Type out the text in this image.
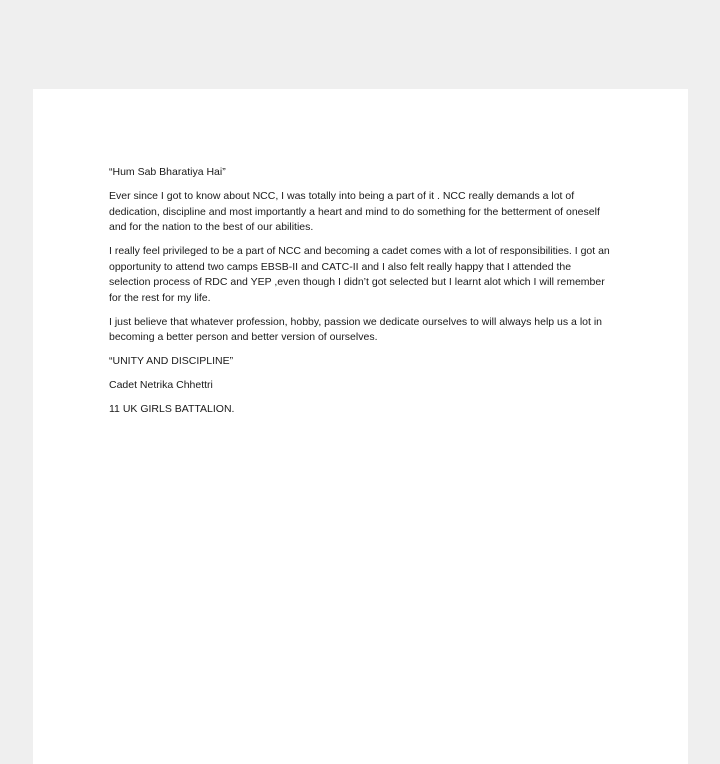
“Hum Sab Bharatiya Hai”

Ever since I got to know about NCC, I was totally into being a part of it . NCC really demands a lot of dedication, discipline and most importantly a heart and mind to do something for the betterment of oneself and for the nation to the best of our abilities.

I really feel privileged to be a part of NCC and becoming a cadet comes with a lot of responsibilities. I got an opportunity to attend two camps EBSB-II and CATC-II and I also felt really happy that I attended the selection process of RDC and YEP ,even though I didn’t got selected but I learnt alot which I will remember for the rest for my life.

I just believe that whatever profession, hobby, passion we dedicate ourselves to will always help us a lot in becoming a better person and better version of ourselves.

“UNITY AND DISCIPLINE”

Cadet Netrika Chhettri

11 UK GIRLS BATTALION.
